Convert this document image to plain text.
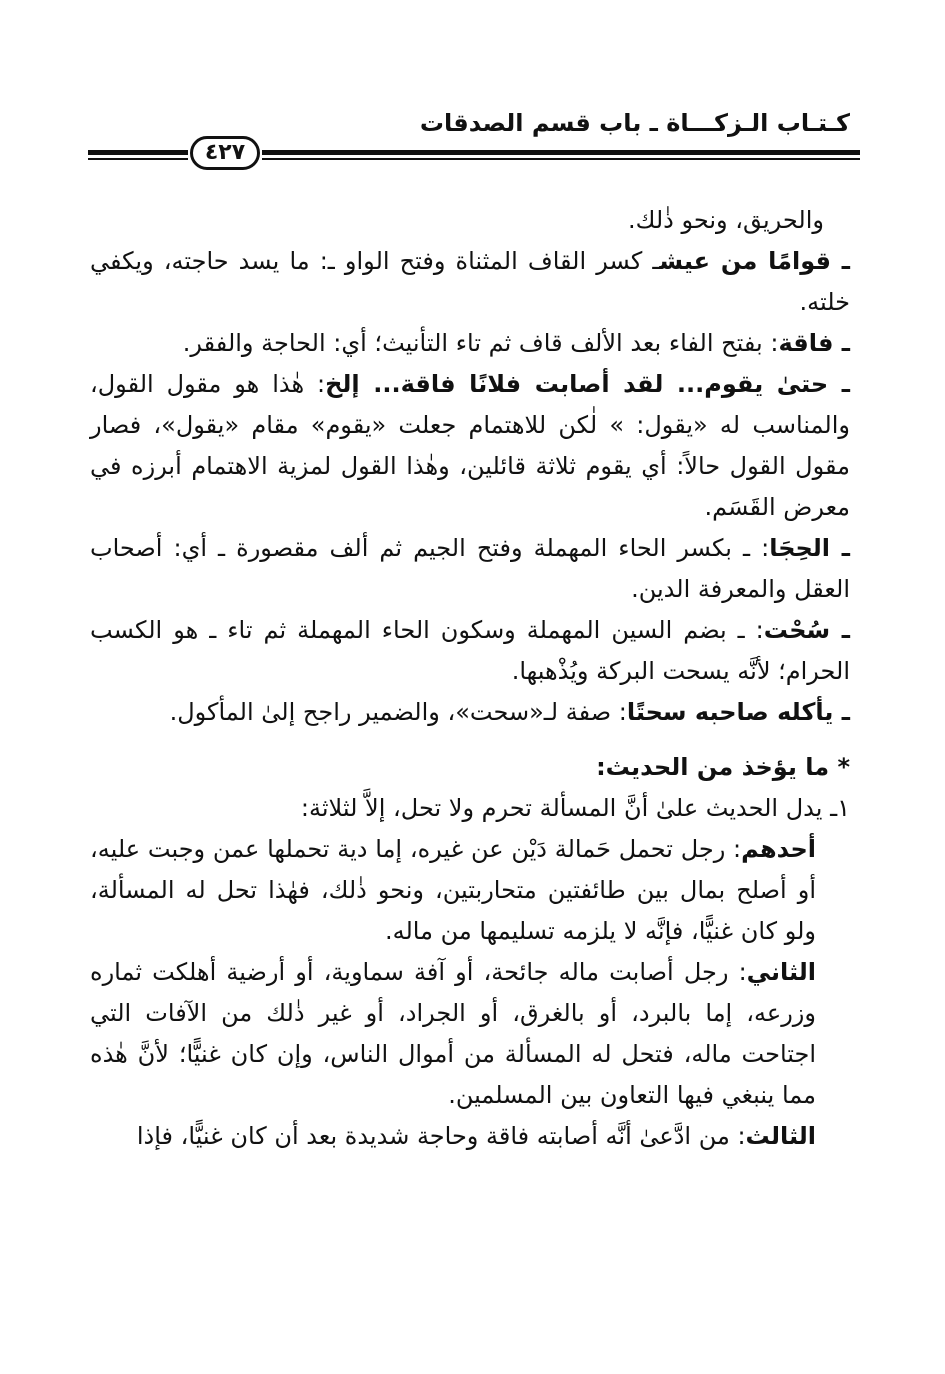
كـتـاب الـزكـــاة ـ باب قسم الصدقات
٤٢٧

والحريق، ونحو ذٰلك.

ـ قوامًا من عيشـ كسر القاف المثناة وفتح الواو ـ: ما يسد حاجته، ويكفي خلته.

ـ فاقة: بفتح الفاء بعد الألف قاف ثم تاء التأنيث؛ أي: الحاجة والفقر.

ـ حتىٰ يقوم... لقد أصابت فلانًا فاقة... إلخ: هٰذا هو مقول القول، والمناسب له «يقول: » لٰكن للاهتمام جعلت «يقوم» مقام «يقول»، فصار مقول القول حالاً: أي يقوم ثلاثة قائلين، وهٰذا القول لمزية الاهتمام أبرزه في معرض القَسَم.

ـ الحِجَا: ـ بكسر الحاء المهملة وفتح الجيم ثم ألف مقصورة ـ أي: أصحاب العقل والمعرفة الدين.

ـ سُحْت: ـ بضم السين المهملة وسكون الحاء المهملة ثم تاء ـ هو الكسب الحرام؛ لأنَّه يسحت البركة ويُذْهبها.

ـ يأكله صاحبه سحتًا: صفة لـ«سحت»، والضمير راجح إلىٰ المأكول.

* ما يؤخذ من الحديث:

١ـ يدل الحديث علىٰ أنَّ المسألة تحرم ولا تحل، إلاَّ لثلاثة:

أحدهم: رجل تحمل حَمالة دَيْن عن غيره، إما دية تحملها عمن وجبت عليه، أو أصلح بمال بين طائفتين متحاربتين، ونحو ذٰلك، فهٰذا تحل له المسألة، ولو كان غنيًّا، فإنَّه لا يلزمه تسليمها من ماله.

الثاني: رجل أصابت ماله جائحة، أو آفة سماوية، أو أرضية أهلكت ثماره وزرعه، إما بالبرد، أو بالغرق، أو الجراد، أو غير ذٰلك من الآفات التي اجتاحت ماله، فتحل له المسألة من أموال الناس، وإن كان غنيًّا؛ لأنَّ هٰذه مما ينبغي فيها التعاون بين المسلمين.

الثالث: من ادَّعىٰ أنَّه أصابته فاقة وحاجة شديدة بعد أن كان غنيًّا، فإذا
